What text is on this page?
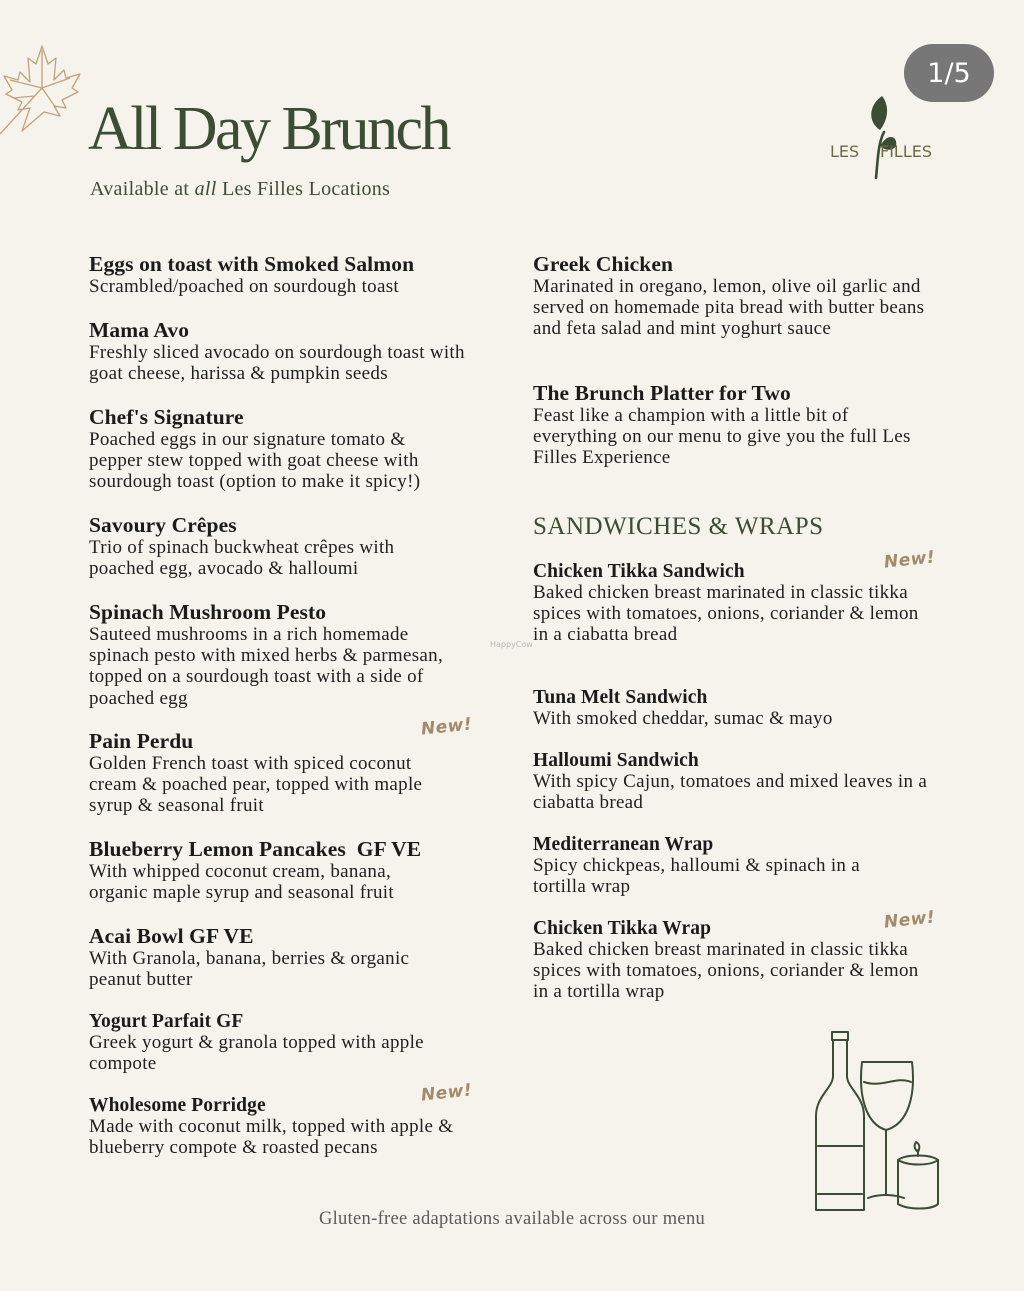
All Day Brunch
Available at all Les Filles Locations
1/5
LES FILLES
Eggs on toast with Smoked Salmon
Scrambled/poached on sourdough toast
Mama Avo
Freshly sliced avocado on sourdough toast with goat cheese, harissa & pumpkin seeds
Chef's Signature
Poached eggs in our signature tomato & pepper stew topped with goat cheese with sourdough toast (option to make it spicy!)
Savoury Crêpes
Trio of spinach buckwheat crêpes with poached egg, avocado & halloumi
Spinach Mushroom Pesto
Sauteed mushrooms in a rich homemade spinach pesto with mixed herbs & parmesan, topped on a sourdough toast with a side of poached egg
Pain Perdu
Golden French toast with spiced coconut cream & poached pear, topped with maple syrup & seasonal fruit
Blueberry Lemon Pancakes  GF VE
With whipped coconut cream, banana, organic maple syrup and seasonal fruit
Acai Bowl GF VE
With Granola, banana, berries & organic peanut butter
Yogurt Parfait GF
Greek yogurt & granola topped with apple compote
Wholesome Porridge
Made with coconut milk, topped with apple & blueberry compote & roasted pecans
New!
New!
Greek Chicken
Marinated in oregano, lemon, olive oil garlic and served on homemade pita bread with butter beans and feta salad and mint yoghurt sauce
The Brunch Platter for Two
Feast like a champion with a little bit of everything on our menu to give you the full Les Filles Experience
SANDWICHES & WRAPS
Chicken Tikka Sandwich
Baked chicken breast marinated in classic tikka spices with tomatoes, onions, coriander & lemon in a ciabatta bread
Tuna Melt Sandwich
With smoked cheddar, sumac & mayo
Halloumi Sandwich
With spicy Cajun, tomatoes and mixed leaves in a ciabatta bread
Mediterranean Wrap
Spicy chickpeas, halloumi & spinach in a tortilla wrap
Chicken Tikka Wrap
Baked chicken breast marinated in classic tikka spices with tomatoes, onions, coriander & lemon in a tortilla wrap
New!
New!
HappyCow
Gluten-free adaptations available across our menu
